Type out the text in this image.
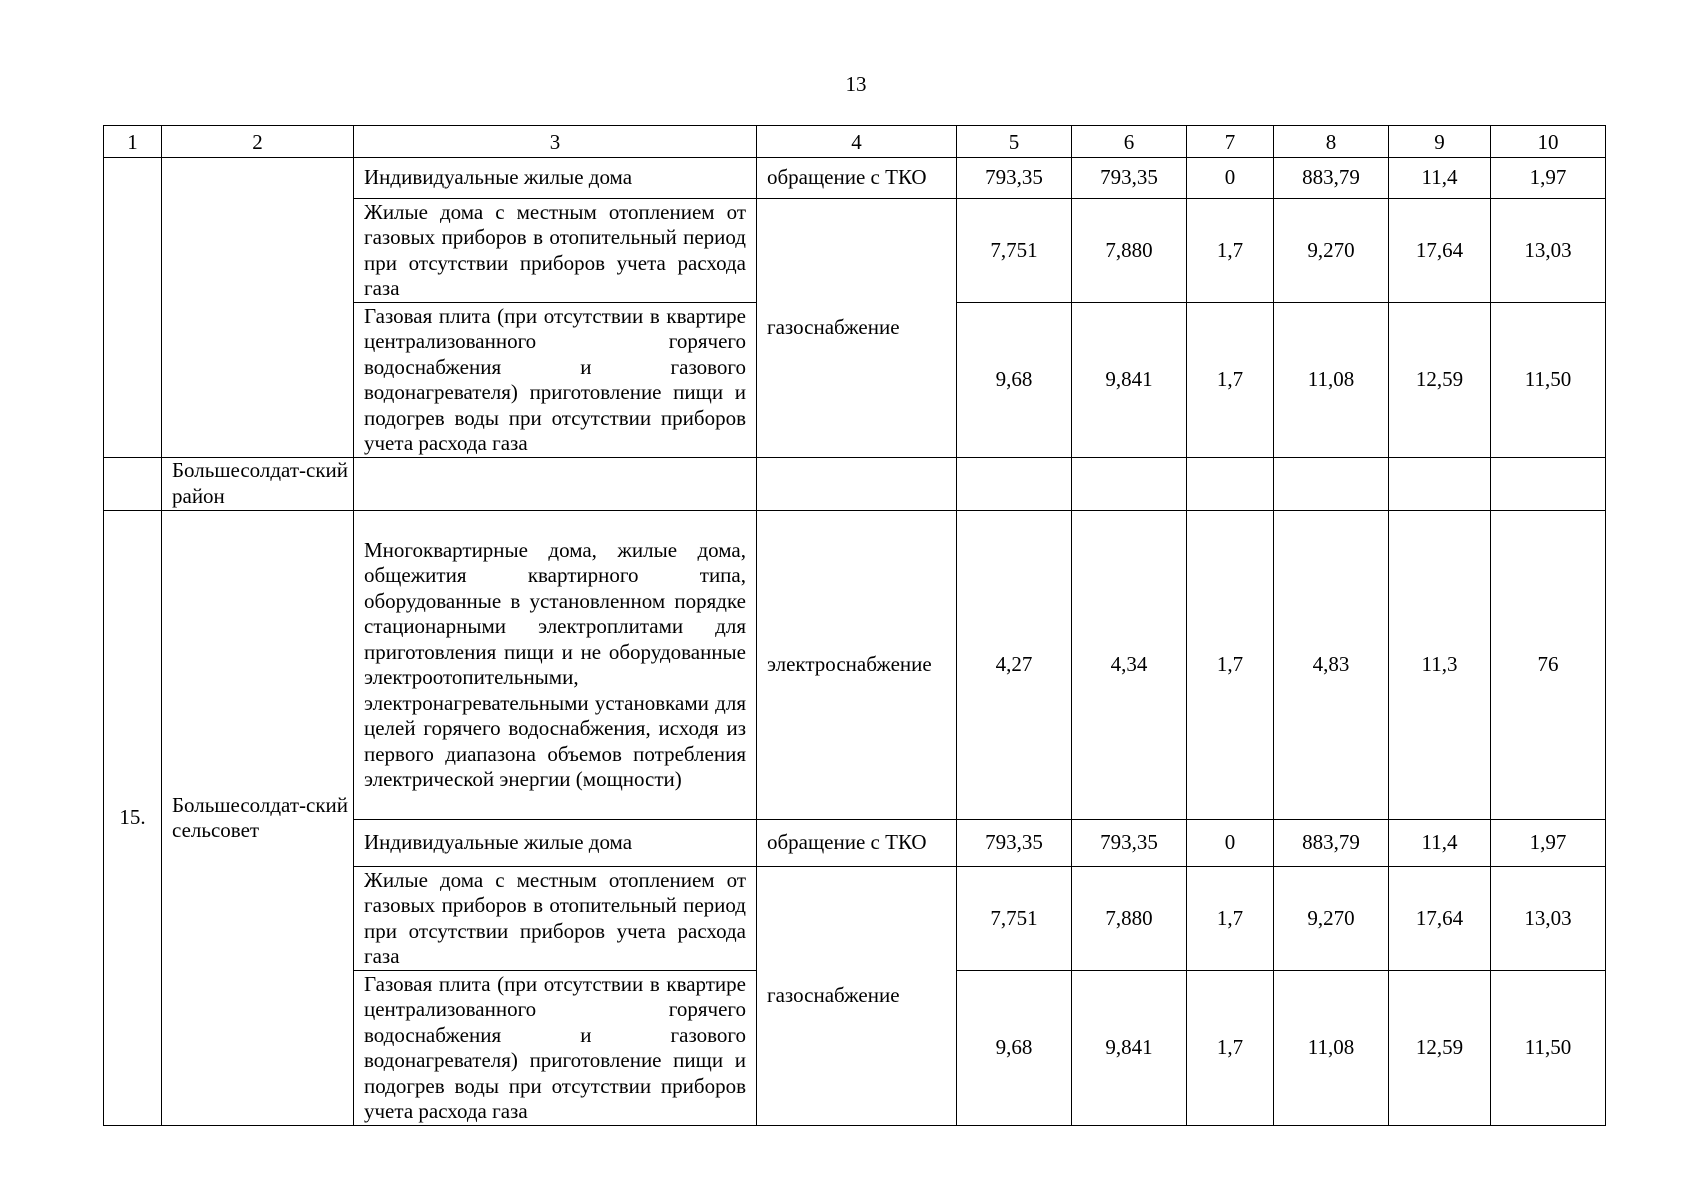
13
1	2	3	4	5	6	7	8	9	10
		Индивидуальные жилые дома	обращение с ТКО	793,35	793,35	0	883,79	11,4	1,97
		Жилые дома с местным отоплением от газовых приборов в отопительный период при отсутствии приборов учета расхода газа	газоснабжение	7,751	7,880	1,7	9,270	17,64	13,03
		Газовая плита (при отсутствии в квартире централизованного горячего водоснабжения и газового водонагревателя) приготовление пищи и подогрев воды при отсутствии приборов учета расхода газа		9,68	9,841	1,7	11,08	12,59	11,50
	Большесолдат-ский район								
15.	Большесолдат-ский сельсовет	Многоквартирные дома, жилые дома, общежития квартирного типа, оборудованные в установленном порядке стационарными электроплитами для приготовления пищи и не оборудованные электроотопительными, электронагревательными установками для целей горячего водоснабжения, исходя из первого диапазона объемов потребления электрической энергии (мощности)	электроснабжение	4,27	4,34	1,7	4,83	11,3	76
		Индивидуальные жилые дома	обращение с ТКО	793,35	793,35	0	883,79	11,4	1,97
		Жилые дома с местным отоплением от газовых приборов в отопительный период при отсутствии приборов учета расхода газа	газоснабжение	7,751	7,880	1,7	9,270	17,64	13,03
		Газовая плита (при отсутствии в квартире централизованного горячего водоснабжения и газового водонагревателя) приготовление пищи и подогрев воды при отсутствии приборов учета расхода газа		9,68	9,841	1,7	11,08	12,59	11,50
